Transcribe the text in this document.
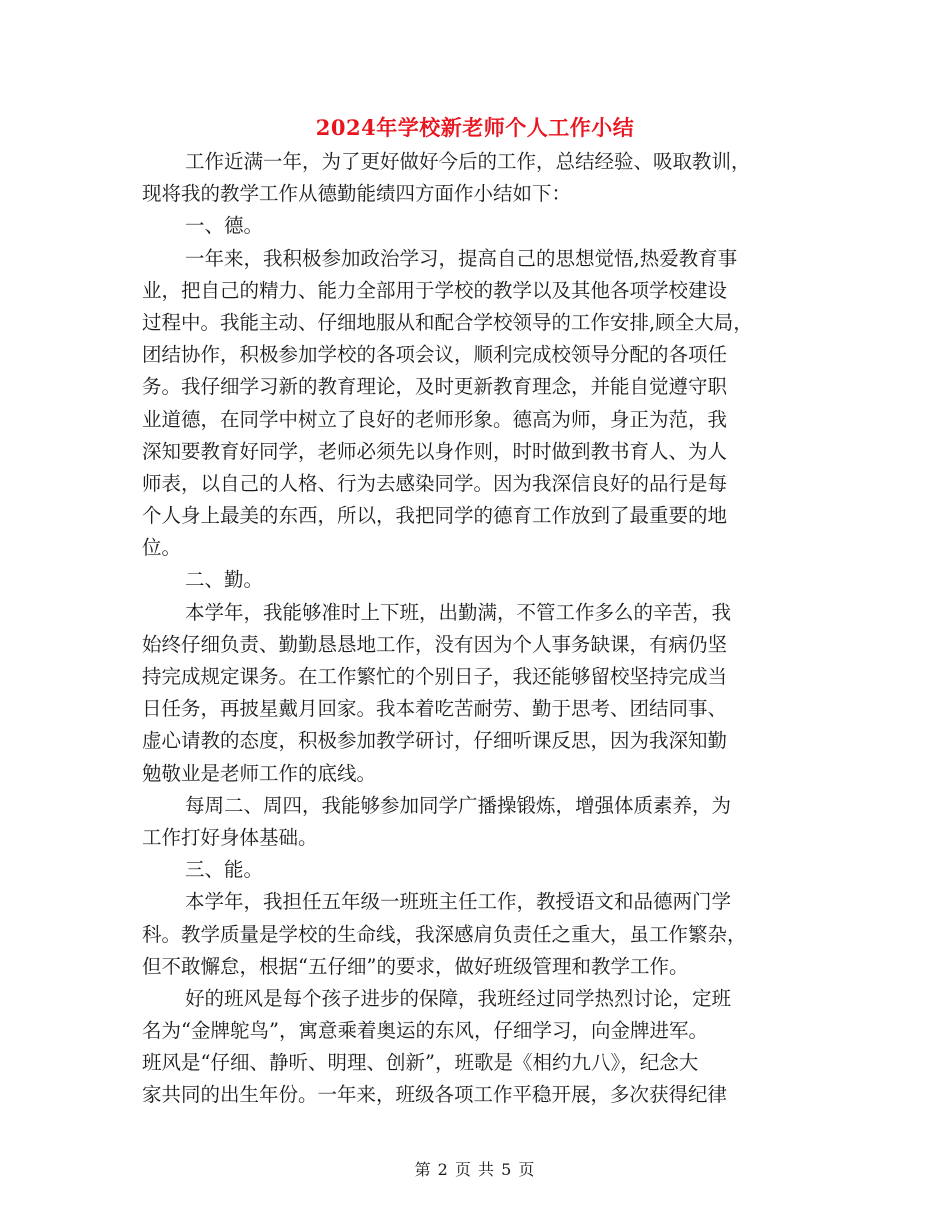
2024年学校新老师个人工作小结
工作近满一年，为了更好做好今后的工作，总结经验、吸取教训，
现将我的教学工作从德勤能绩四方面作小结如下：
一、德。
一年来，我积极参加政治学习，提高自己的思想觉悟,热爱教育事
业，把自己的精力、能力全部用于学校的教学以及其他各项学校建设
过程中。我能主动、仔细地服从和配合学校领导的工作安排,顾全大局，
团结协作，积极参加学校的各项会议，顺利完成校领导分配的各项任
务。我仔细学习新的教育理论，及时更新教育理念，并能自觉遵守职
业道德，在同学中树立了良好的老师形象。德高为师，身正为范，我
深知要教育好同学，老师必须先以身作则，时时做到教书育人、为人
师表，以自己的人格、行为去感染同学。因为我深信良好的品行是每
个人身上最美的东西，所以，我把同学的德育工作放到了最重要的地
位。
二、勤。
本学年，我能够准时上下班，出勤满，不管工作多么的辛苦，我
始终仔细负责、勤勤恳恳地工作，没有因为个人事务缺课，有病仍坚
持完成规定课务。在工作繁忙的个别日子，我还能够留校坚持完成当
日任务，再披星戴月回家。我本着吃苦耐劳、勤于思考、团结同事、
虚心请教的态度，积极参加教学研讨，仔细听课反思，因为我深知勤
勉敬业是老师工作的底线。
每周二、周四，我能够参加同学广播操锻炼，增强体质素养，为
工作打好身体基础。
三、能。
本学年，我担任五年级一班班主任工作，教授语文和品德两门学
科。教学质量是学校的生命线，我深感肩负责任之重大，虽工作繁杂，
但不敢懈怠，根据“五仔细”的要求，做好班级管理和教学工作。
好的班风是每个孩子进步的保障，我班经过同学热烈讨论，定班
名为“金牌鸵鸟”，寓意乘着奥运的东风，仔细学习，向金牌进军。
班风是“仔细、静听、明理、创新”，班歌是《相约九八》，纪念大
家共同的出生年份。一年来，班级各项工作平稳开展，多次获得纪律
第 2 页 共 5 页
